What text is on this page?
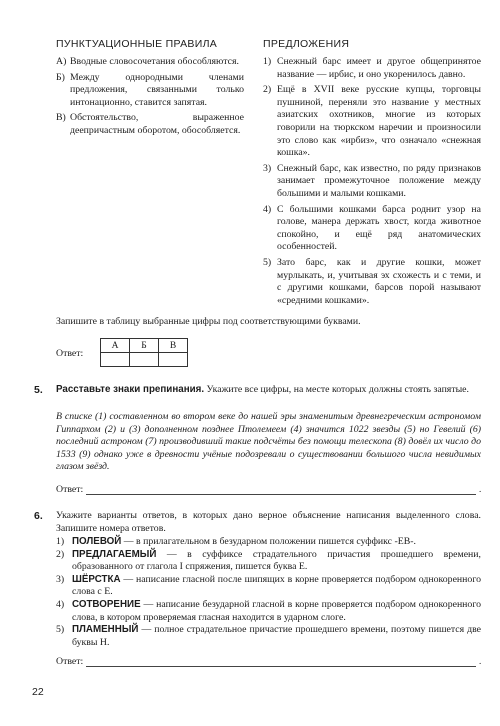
ПУНКТУАЦИОННЫЕ ПРАВИЛА
А) Вводные словосочетания обособляются.
Б) Между однородными членами предложения, связанными только интонационно, ставится запятая.
В) Обстоятельство, выраженное деепричастным оборотом, обособляется.
ПРЕДЛОЖЕНИЯ
1) Снежный барс имеет и другое общепринятое название — ирбис, и оно укоренилось давно.
2) Ещё в XVII веке русские купцы, торговцы пушниной, переняли это название у местных азиатских охотников, многие из которых говорили на тюркском наречии и произносили это слово как «ирбиз», что означало «снежная кошка».
3) Снежный барс, как известно, по ряду признаков занимает промежуточное положение между большими и малыми кошками.
4) С большими кошками барса роднит узор на голове, манера держать хвост, когда животное спокойно, и ещё ряд анатомических особенностей.
5) Зато барс, как и другие кошки, может мурлыкать, и, учитывая эх схожесть и с теми, и с другими кошками, барсов порой называют «средними кошками».
Запишите в таблицу выбранные цифры под соответствующими буквами.
Ответ:
А	Б	В

5. Расставьте знаки препинания. Укажите все цифры, на месте которых должны стоять запятые.
В списке (1) составленном во втором веке до нашей эры знаменитым древнегреческим астрономом Гиппархом (2) и (3) дополненном позднее Птолемеем (4) значится 1022 звезды (5) но Гевелий (6) последний астроном (7) производивший такие подсчёты без помощи телескопа (8) довёл их число до 1533 (9) однако уже в древности учёные подозревали о существовании большого числа невидимых глазом звёзд.
Ответ:	.
6. Укажите варианты ответов, в которых дано верное объяснение написания выделенного слова. Запишите номера ответов.
1) ПОЛЕВОЙ — в прилагательном в безударном положении пишется суффикс -ЕВ-.
2) ПРЕДЛАГАЕМЫЙ — в суффиксе страдательного причастия прошедшего времени, образованного от глагола I спряжения, пишется буква Е.
3) ШЁРСТКА — написание гласной после шипящих в корне проверяется подбором однокоренного слова с Е.
4) СОТВОРЕНИЕ — написание безударной гласной в корне проверяется подбором однокоренного слова, в котором проверяемая гласная находится в ударном слоге.
5) ПЛАМЕННЫЙ — полное страдательное причастие прошедшего времени, поэтому пишется две буквы Н.
Ответ:	.
22
